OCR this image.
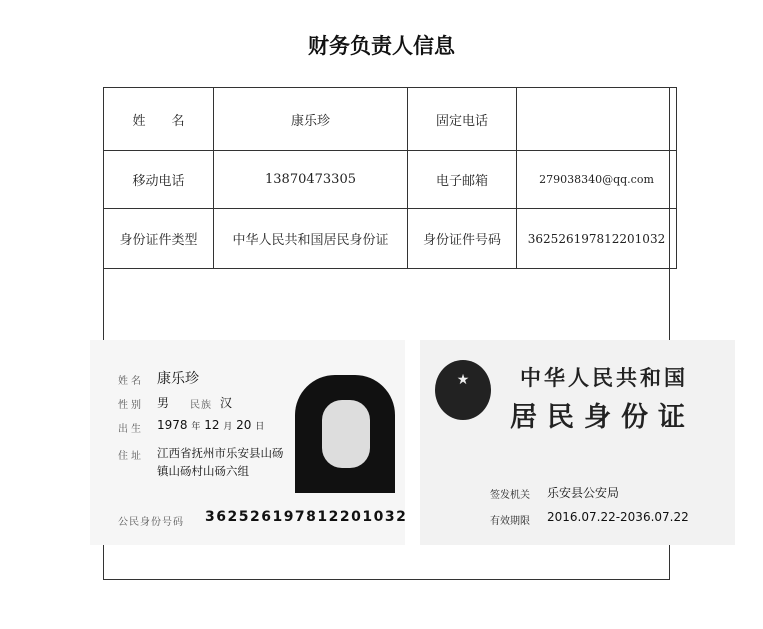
财务负责人信息
姓　　名	康乐珍	固定电话	
移动电话	13870473305	电子邮箱	279038340@qq.com
身份证件类型	中华人民共和国居民身份证	身份证件号码	362526197812201032
姓名 康乐珍
性别 男 民族 汉
出生 1978 年 12 月 20 日
住址 江西省抚州市乐安县山砀
镇山砀村山砀六组
公民身份号码 362526197812201032
★	中华人民共和国
居民身份证
签发机关 乐安县公安局
有效期限 2016.07.22-2036.07.22
